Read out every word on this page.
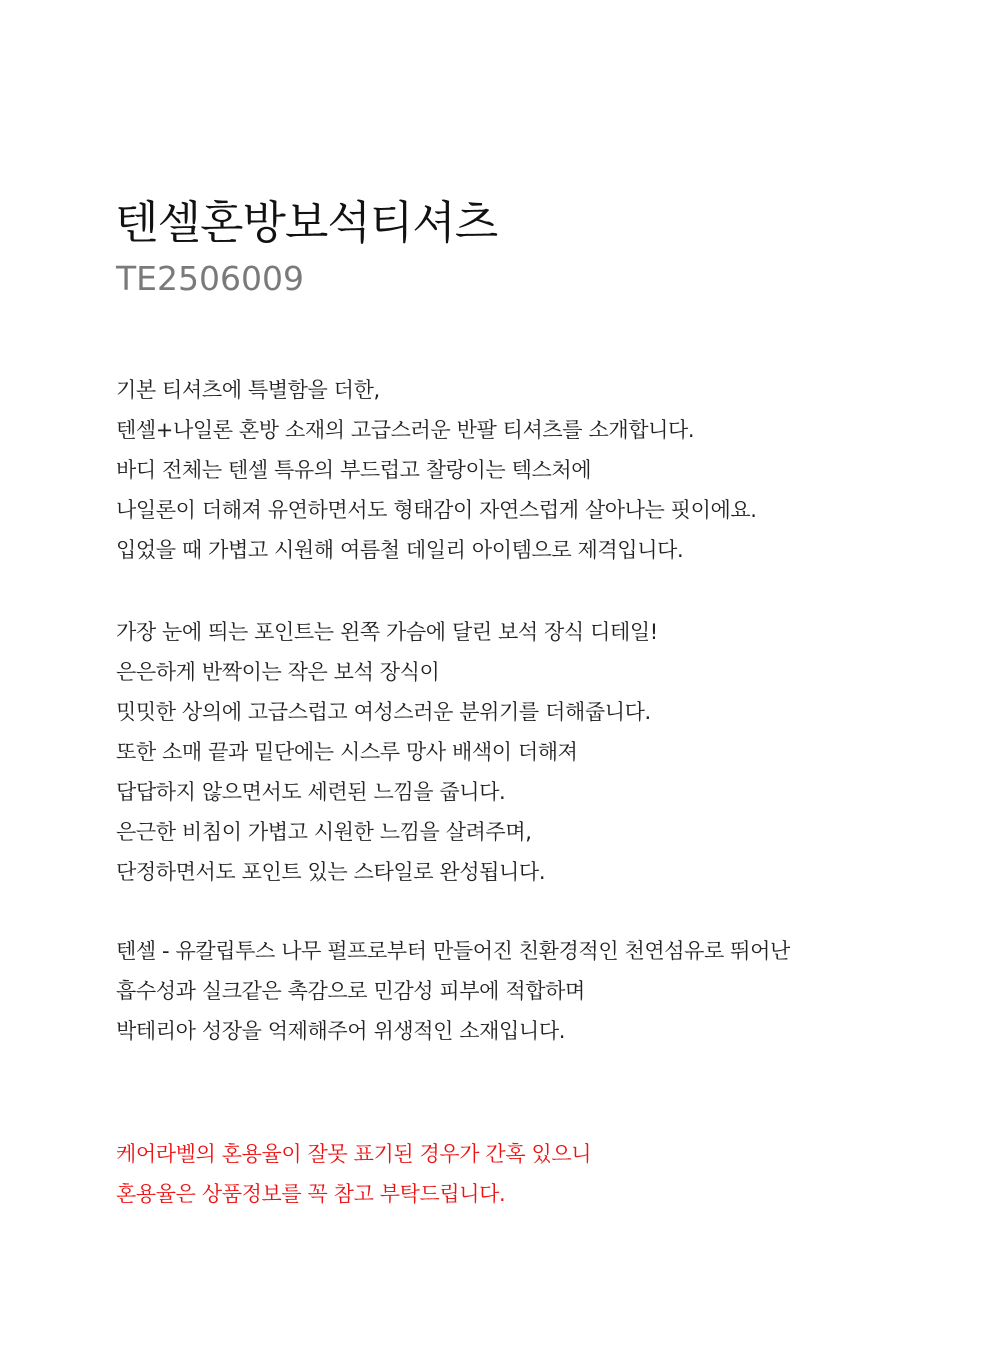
텐셀혼방보석티셔츠

TE2506009

기본 티셔츠에 특별함을 더한,
텐셀+나일론 혼방 소재의 고급스러운 반팔 티셔츠를 소개합니다.
바디 전체는 텐셀 특유의 부드럽고 찰랑이는 텍스처에
나일론이 더해져 유연하면서도 형태감이 자연스럽게 살아나는 핏이에요.
입었을 때 가볍고 시원해 여름철 데일리 아이템으로 제격입니다.
가장 눈에 띄는 포인트는 왼쪽 가슴에 달린 보석 장식 디테일!
은은하게 반짝이는 작은 보석 장식이
밋밋한 상의에 고급스럽고 여성스러운 분위기를 더해줍니다.
또한 소매 끝과 밑단에는 시스루 망사 배색이 더해져
답답하지 않으면서도 세련된 느낌을 줍니다.
은근한 비침이 가볍고 시원한 느낌을 살려주며,
단정하면서도 포인트 있는 스타일로 완성됩니다.
텐셀 - 유칼립투스 나무 펄프로부터 만들어진 친환경적인 천연섬유로 뛰어난
흡수성과 실크같은 촉감으로 민감성 피부에 적합하며
박테리아 성장을 억제해주어 위생적인 소재입니다.
케어라벨의 혼용율이 잘못 표기된 경우가 간혹 있으니
혼용율은 상품정보를 꼭 참고 부탁드립니다.
